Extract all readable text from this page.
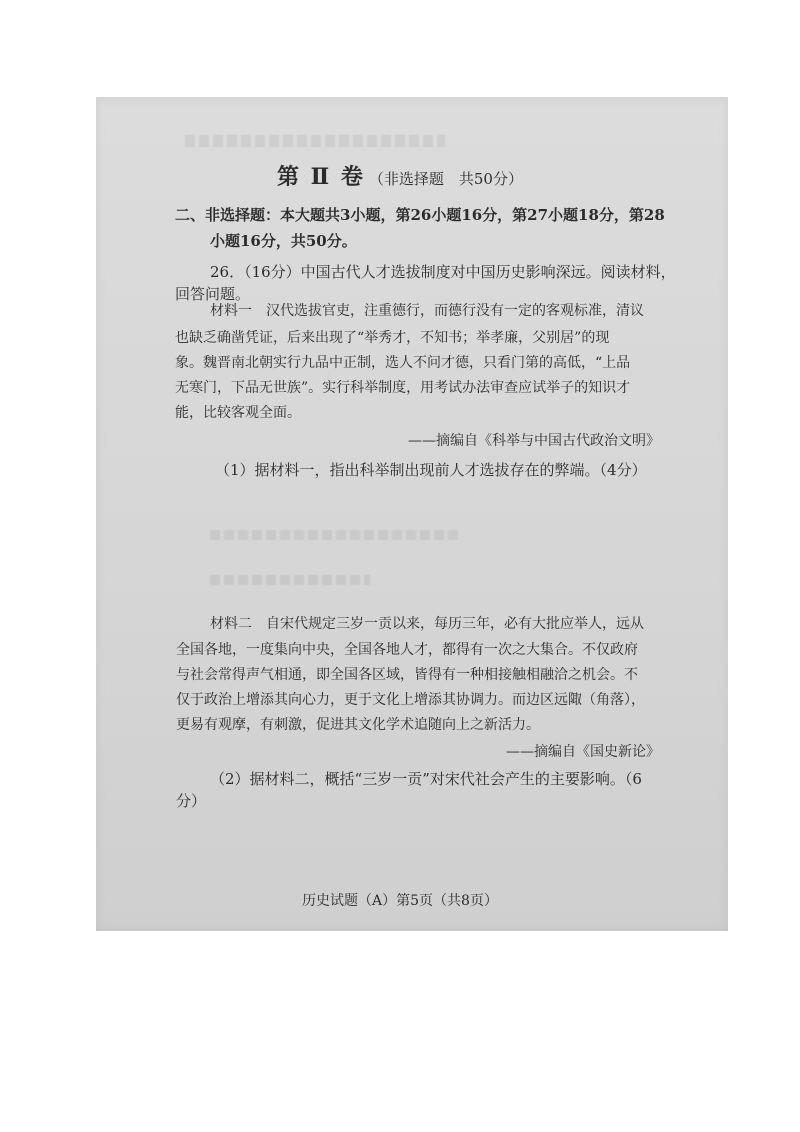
第 Ⅱ 卷 （非选择题　共50分）
二、非选择题：本大题共3小题，第26小题16分，第27小题18分，第28
小题16分，共50分。
26．（16分）中国古代人才选拔制度对中国历史影响深远。阅读材料，
回答问题。
材料一　汉代选拔官吏，注重德行，而德行没有一定的客观标准，清议
也缺乏确凿凭证，后来出现了“举秀才，不知书；举孝廉，父别居”的现
象。魏晋南北朝实行九品中正制，选人不问才德，只看门第的高低，“上品
无寒门，下品无世族”。实行科举制度，用考试办法审查应试举子的知识才
能，比较客观全面。
——摘编自《科举与中国古代政治文明》
（1）据材料一，指出科举制出现前人才选拔存在的弊端。（4分）
材料二　自宋代规定三岁一贡以来，每历三年，必有大批应举人，远从
全国各地，一度集向中央，全国各地人才，都得有一次之大集合。不仅政府
与社会常得声气相通，即全国各区域，皆得有一种相接触相融洽之机会。不
仅于政治上增添其向心力，更于文化上增添其协调力。而边区远陬（角落），
更易有观摩，有刺激，促进其文化学术追随向上之新活力。
——摘编自《国史新论》
（2）据材料二，概括“三岁一贡”对宋代社会产生的主要影响。（6
分）
历史试题（A）第5页（共8页）
